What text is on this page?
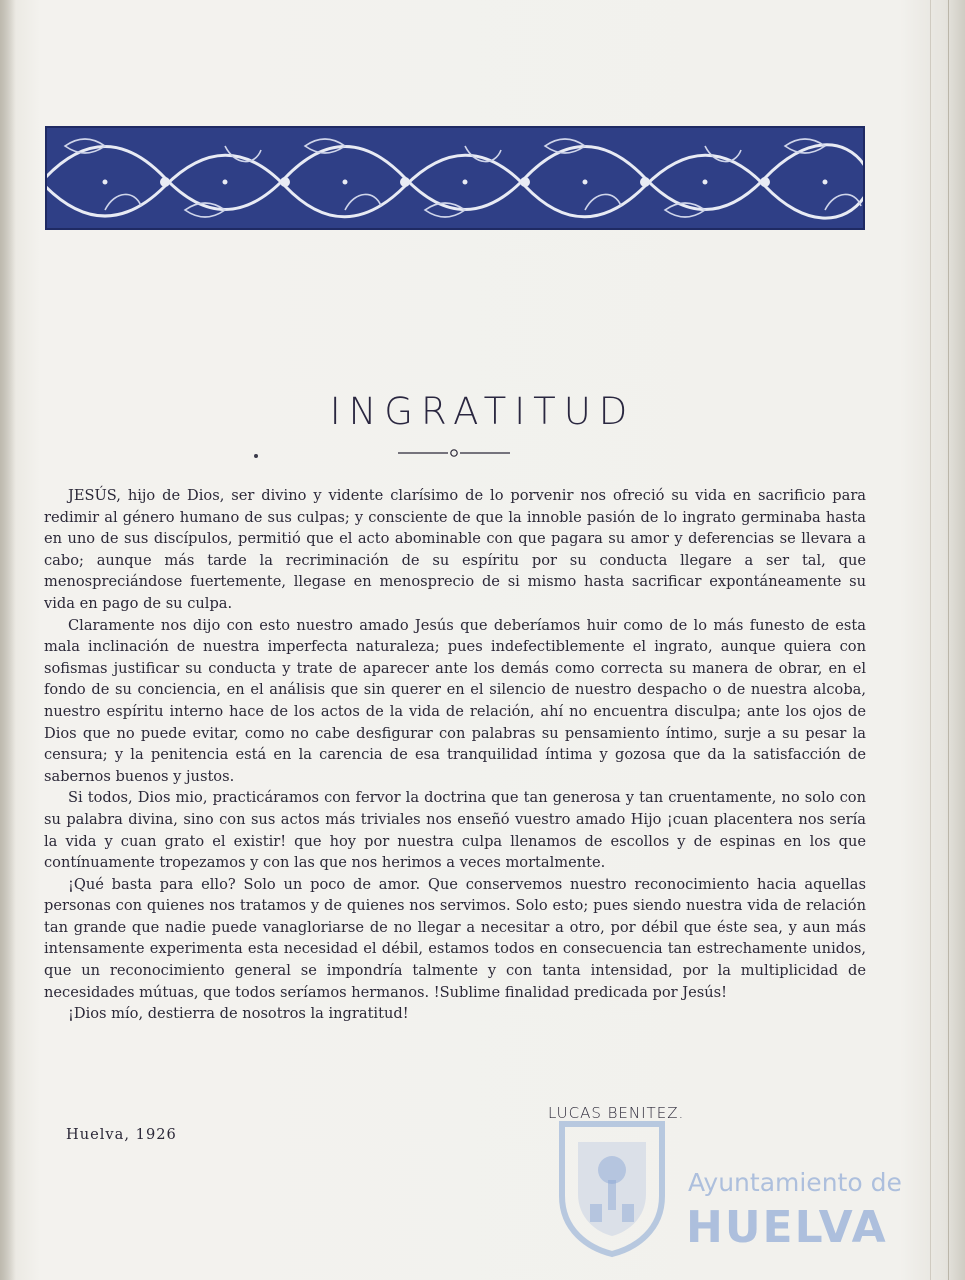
INGRATITUD

JESÚS, hijo de Dios, ser divino y vidente clarísimo de lo porvenir nos ofreció su vida en sacrificio para redimir al género humano de sus culpas; y consciente de que la innoble pasión de lo ingrato germinaba hasta en uno de sus discípulos, permitió que el acto abominable con que pagara su amor y deferencias se llevara a cabo; aunque más tarde la recriminación de su espíritu por su conducta llegare a ser tal, que menospreciándose fuertemente, llegase en menosprecio de si mismo hasta sacrificar expontáneamente su vida en pago de su culpa.

Claramente nos dijo con esto nuestro amado Jesús que deberíamos huir como de lo más funesto de esta mala inclinación de nuestra imperfecta naturaleza; pues indefectiblemente el ingrato, aunque quiera con sofismas justificar su conducta y trate de aparecer ante los demás como correcta su manera de obrar, en el fondo de su conciencia, en el análisis que sin querer en el silencio de nuestro despacho o de nuestra alcoba, nuestro espíritu interno hace de los actos de la vida de relación, ahí no encuentra disculpa; ante los ojos de Dios que no puede evitar, como no cabe desfigurar con palabras su pensamiento íntimo, surje a su pesar la censura; y la penitencia está en la carencia de esa tranquilidad íntima y gozosa que da la satisfacción de sabernos buenos y justos.

Si todos, Dios mio, practicáramos con fervor la doctrina que tan generosa y tan cruentamente, no solo con su palabra divina, sino con sus actos más triviales nos enseñó vuestro amado Hijo ¡cuan placentera nos sería la vida y cuan grato el existir! que hoy por nuestra culpa llenamos de escollos y de espinas en los que contínuamente tropezamos y con las que nos herimos a veces mortalmente.

¡Qué basta para ello? Solo un poco de amor. Que conservemos nuestro reconocimiento hacia aquellas personas con quienes nos tratamos y de quienes nos servimos. Solo esto; pues siendo nuestra vida de relación tan grande que nadie puede vanagloriarse de no llegar a necesitar a otro, por débil que éste sea, y aun más intensamente experimenta esta necesidad el débil, estamos todos en consecuencia tan estrechamente unidos, que un reconocimiento general se impondría talmente y con tanta intensidad, por la multiplicidad de necesidades mútuas, que todos seríamos hermanos. !Sublime finalidad predicada por Jesús!

¡Dios mío, destierra de nosotros la ingratitud!

LUCAS BENITEZ.
Huelva, 1926
Ayuntamiento de
HUELVA
